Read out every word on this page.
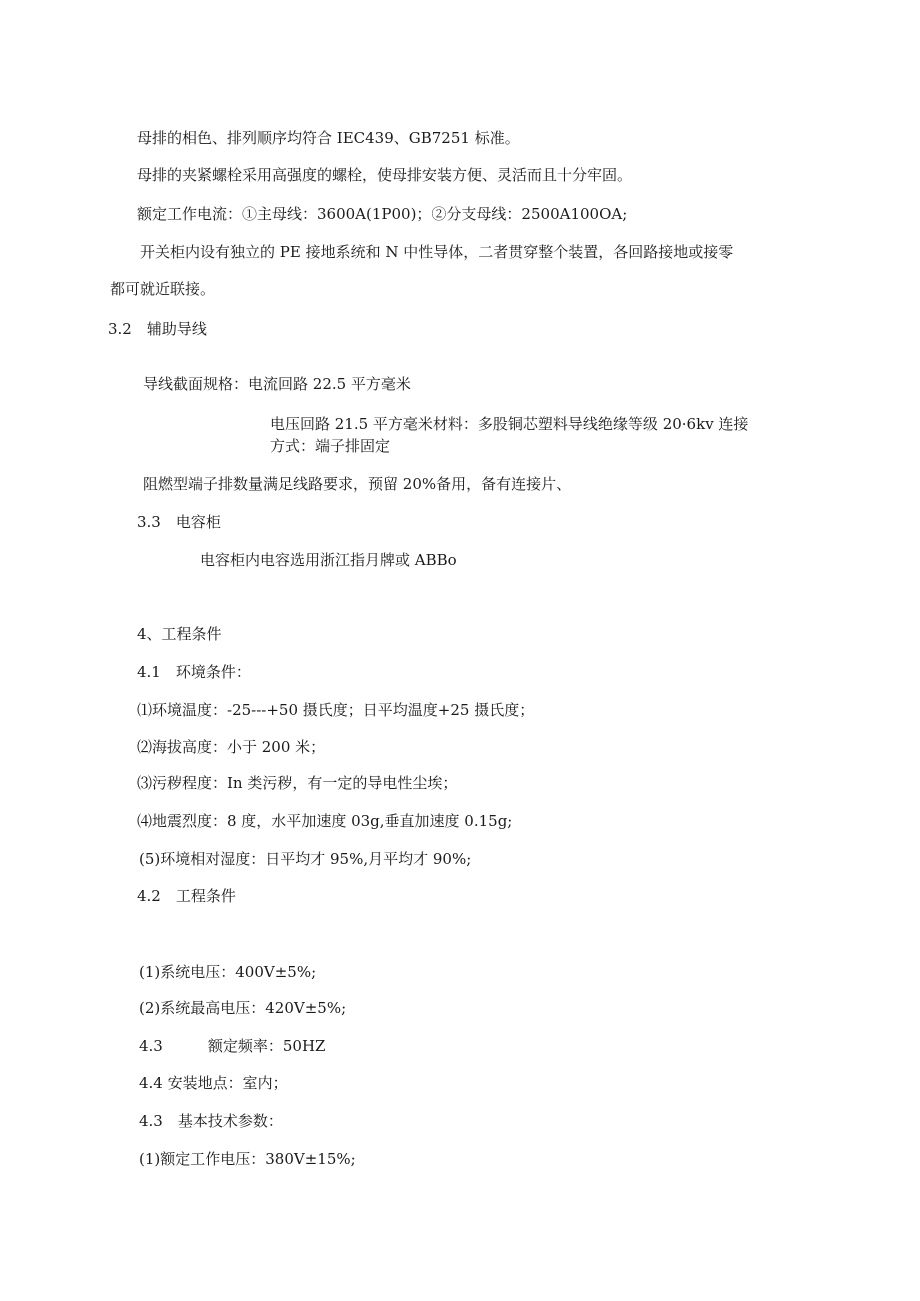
母排的相色、排列顺序均符合 IEC439、GB7251 标准。
母排的夹紧螺栓采用高强度的螺栓，使母排安装方便、灵活而且十分牢固。
额定工作电流：①主母线：3600A(1P00)；②分支母线：2500A100OA;
开关柜内设有独立的 PE 接地系统和 N 中性导体，二者贯穿整个装置，各回路接地或接零
都可就近联接。
3.2　辅助导线
导线截面规格：电流回路 22.5 平方毫米
电压回路 21.5 平方毫米材料：多股铜芯塑料导线绝缘等级 20·6kv 连接
方式：端子排固定
阻燃型端子排数量满足线路要求，预留 20%备用，备有连接片、
3.3　电容柜
电容柜内电容选用浙江指月牌或 ABBo
4、工程条件
4.1　环境条件：
⑴环境温度：-25---+50 摄氏度；日平均温度+25 摄氏度；
⑵海拔高度：小于 200 米；
⑶污秽程度：In 类污秽，有一定的导电性尘埃；
⑷地震烈度：8 度，水平加速度 03g,垂直加速度 0.15g;
(5)环境相对湿度：日平均才 95%,月平均才 90%;
4.2　工程条件
(1)系统电压：400V±5%;
(2)系统最高电压：420V±5%;
4.3　　　额定频率：50HZ
4.4 安装地点：室内；
4.3　基本技术参数：
(1)额定工作电压：380V±15%;
